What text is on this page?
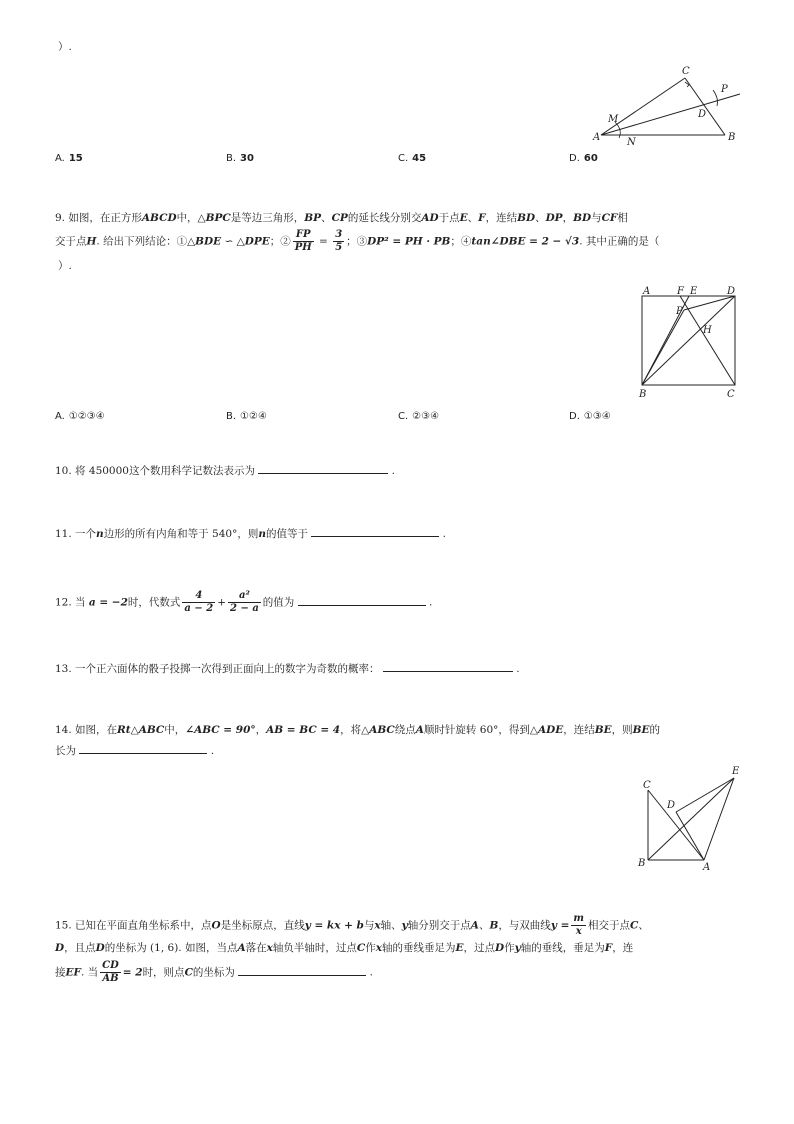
）.
A	B
C
D
P
M
N
A. 15	B. 30	C. 45	D. 60
9. 如图，在正方形ABCD中，△BPC是等边三角形，BP、CP的延长线分别交AD于点E、F，连结BD、DP，BD与CF相
交于点H. 给出下列结论：①△BDE ∽ △DPE；② $\frac{FP}{PH} = \frac{3}{5}$ ；③DP² = PH · PB；④tan∠DBE = 2 − √3. 其中正确的是（
）.
A	F E	D
P
H
B	C
A. ①②③④	B. ①②④	C. ②③④	D. ①③④
10. 将 450000这个数用科学记数法表示为	.
11. 一个n边形的所有内角和等于 540°，则n的值等于	.
12. 当 a = −2时，代数式 $\frac{4}{a - 2} + \frac{\text{a²}}{2 - a}$ 的值为	.
13. 一个正六面体的骰子投掷一次得到正面向上的数字为奇数的概率：	.
14. 如图，在Rt△ABC中，∠ABC = 90°，AB = BC = 4，将△ABC绕点A顺时针旋转 60°，得到△ADE，连结BE，则BE的
长为	.
C
D
E
B	A
15. 已知在平面直角坐标系中，点O是坐标原点，直线y = kx + b与x轴、y轴分别交于点A、B，与双曲线$y = \frac{m}{x}$ 相交于点C、
D，且点D的坐标为 (1, 6). 如图，当点A落在x轴负半轴时，过点C作x轴的垂线垂足为E，过点D作y轴的垂线，垂足为F，连
接EF. 当 $\frac{CD}{AB} = 2$时，则点C的坐标为	.
